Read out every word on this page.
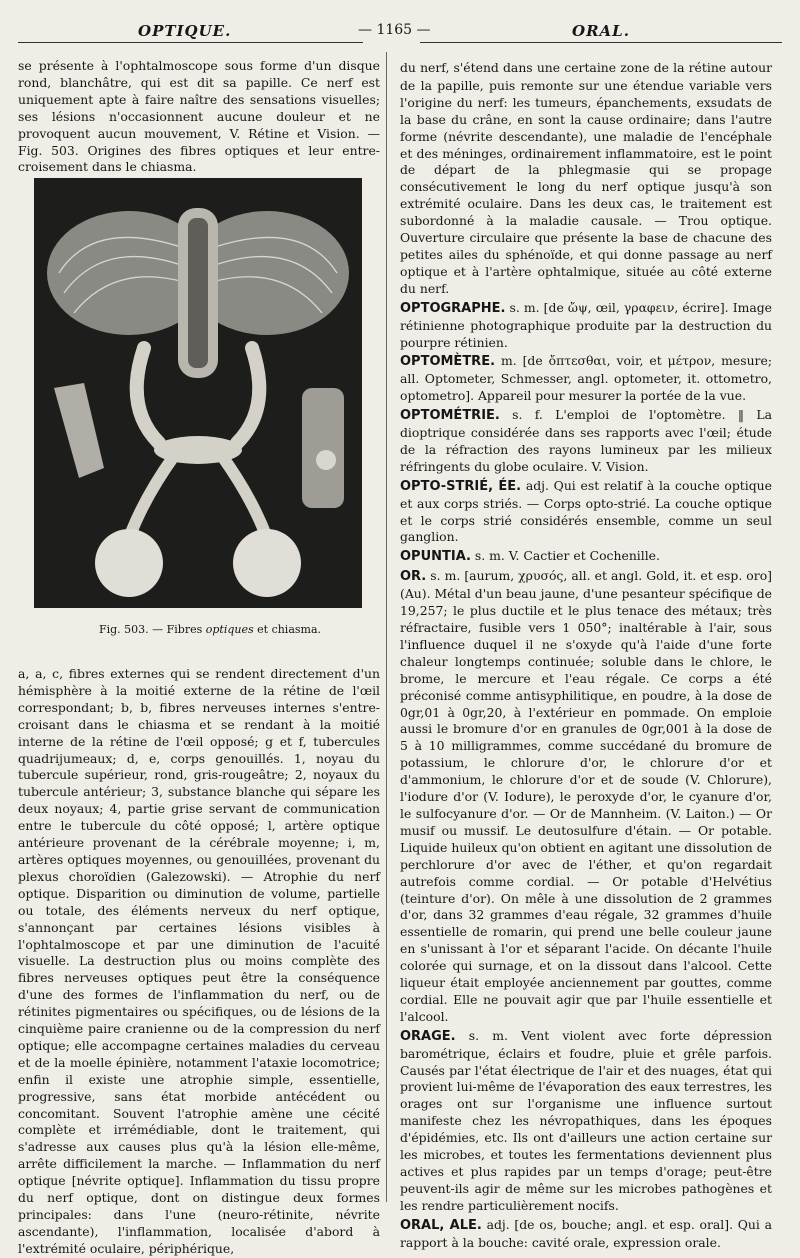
OPTIQUE.	— 1165 —	ORAL.

se présente à l'ophtalmoscope sous forme d'un disque rond, blanchâtre, qui est dit sa papille. Ce nerf est uniquement apte à faire naître des sensations visuelles; ses lésions n'occasionnent aucune douleur et ne provoquent aucun mouvement, V. Rétine et Vision. — Fig. 503. Origines des fibres optiques et leur entre-croisement dans le chiasma.

Fig. 503. — Fibres optiques et chiasma.

a, a, c, fibres externes qui se rendent directement d'un hémisphère à la moitié externe de la rétine de l'œil correspondant; b, b, fibres nerveuses internes s'entre-croisant dans le chiasma et se rendant à la moitié interne de la rétine de l'œil opposé; g et f, tubercules quadrijumeaux; d, e, corps genouillés. 1, noyau du tubercule supérieur, rond, gris-rougeâtre; 2, noyaux du tubercule antérieur; 3, substance blanche qui sépare les deux noyaux; 4, partie grise servant de communication entre le tubercule du côté opposé; l, artère optique antérieure provenant de la cérébrale moyenne; i, m, artères optiques moyennes, ou genouillées, provenant du plexus choroïdien (Galezowski). — Atrophie du nerf optique. Disparition ou diminution de volume, partielle ou totale, des éléments nerveux du nerf optique, s'annonçant par certaines lésions visibles à l'ophtalmoscope et par une diminution de l'acuité visuelle. La destruction plus ou moins complète des fibres nerveuses optiques peut être la conséquence d'une des formes de l'inflammation du nerf, ou de rétinites pigmentaires ou spécifiques, ou de lésions de la cinquième paire cranienne ou de la compression du nerf optique; elle accompagne certaines maladies du cerveau et de la moelle épinière, notamment l'ataxie locomotrice; enfin il existe une atrophie simple, essentielle, progressive, sans état morbide antécédent ou concomitant. Souvent l'atrophie amène une cécité complète et irrémédiable, dont le traitement, qui s'adresse aux causes plus qu'à la lésion elle-même, arrête difficilement la marche. — Inflammation du nerf optique [névrite optique]. Inflammation du tissu propre du nerf optique, dont on distingue deux formes principales: dans l'une (neuro-rétinite, névrite ascendante), l'inflammation, localisée d'abord à l'extrémité oculaire, périphérique,

du nerf, s'étend dans une certaine zone de la rétine autour de la papille, puis remonte sur une étendue variable vers l'origine du nerf: les tumeurs, épanchements, exsudats de la base du crâne, en sont la cause ordinaire; dans l'autre forme (névrite descendante), une maladie de l'encéphale et des méninges, ordinairement inflammatoire, est le point de départ de la phlegmasie qui se propage consécutivement le long du nerf optique jusqu'à son extrémité oculaire. Dans les deux cas, le traitement est subordonné à la maladie causale. — Trou optique. Ouverture circulaire que présente la base de chacune des petites ailes du sphénoïde, et qui donne passage au nerf optique et à l'artère ophtalmique, située au côté externe du nerf.

OPTOGRAPHE. s. m. [de ὤψ, œil, γραφειν, écrire]. Image rétinienne photographique produite par la destruction du pourpre rétinien.

OPTOMÈTRE. m. [de ὄπτεσθαι, voir, et μέτρον, mesure; all. Optometer, Schmesser, angl. optometer, it. ottometro, optometro]. Appareil pour mesurer la portée de la vue.

OPTOMÉTRIE. s. f. L'emploi de l'optomètre. ‖ La dioptrique considérée dans ses rapports avec l'œil; étude de la réfraction des rayons lumineux par les milieux réfringents du globe oculaire. V. Vision.

OPTO-STRIÉ, ÉE. adj. Qui est relatif à la couche optique et aux corps striés. — Corps opto-strié. La couche optique et le corps strié considérés ensemble, comme un seul ganglion.

OPUNTIA. s. m. V. Cactier et Cochenille.

OR. s. m. [aurum, χρυσός, all. et angl. Gold, it. et esp. oro] (Au). Métal d'un beau jaune, d'une pesanteur spécifique de 19,257; le plus ductile et le plus tenace des métaux; très réfractaire, fusible vers 1 050°; inaltérable à l'air, sous l'influence duquel il ne s'oxyde qu'à l'aide d'une forte chaleur longtemps continuée; soluble dans le chlore, le brome, le mercure et l'eau régale. Ce corps a été préconisé comme antisyphilitique, en poudre, à la dose de 0gr,01 à 0gr,20, à l'extérieur en pommade. On emploie aussi le bromure d'or en granules de 0gr,001 à la dose de 5 à 10 milligrammes, comme succédané du bromure de potassium, le chlorure d'or, le chlorure d'or et d'ammonium, le chlorure d'or et de soude (V. Chlorure), l'iodure d'or (V. Iodure), le peroxyde d'or, le cyanure d'or, le sulfocyanure d'or. — Or de Mannheim. (V. Laiton.) — Or musif ou mussif. Le deutosulfure d'étain. — Or potable. Liquide huileux qu'on obtient en agitant une dissolution de perchlorure d'or avec de l'éther, et qu'on regardait autrefois comme cordial. — Or potable d'Helvétius (teinture d'or). On mêle à une dissolution de 2 grammes d'or, dans 32 grammes d'eau régale, 32 grammes d'huile essentielle de romarin, qui prend une belle couleur jaune en s'unissant à l'or et séparant l'acide. On décante l'huile colorée qui surnage, et on la dissout dans l'alcool. Cette liqueur était employée anciennement par gouttes, comme cordial. Elle ne pouvait agir que par l'huile essentielle et l'alcool.

ORAGE. s. m. Vent violent avec forte dépression barométrique, éclairs et foudre, pluie et grêle parfois. Causés par l'état électrique de l'air et des nuages, état qui provient lui-même de l'évaporation des eaux terrestres, les orages ont sur l'organisme une influence surtout manifeste chez les névropathiques, dans les époques d'épidémies, etc. Ils ont d'ailleurs une action certaine sur les microbes, et toutes les fermentations deviennent plus actives et plus rapides par un temps d'orage; peut-être peuvent-ils agir de même sur les microbes pathogènes et les rendre particulièrement nocifs.

ORAL, ALE. adj. [de os, bouche; angl. et esp. oral]. Qui a rapport à la bouche: cavité orale, expression orale.
